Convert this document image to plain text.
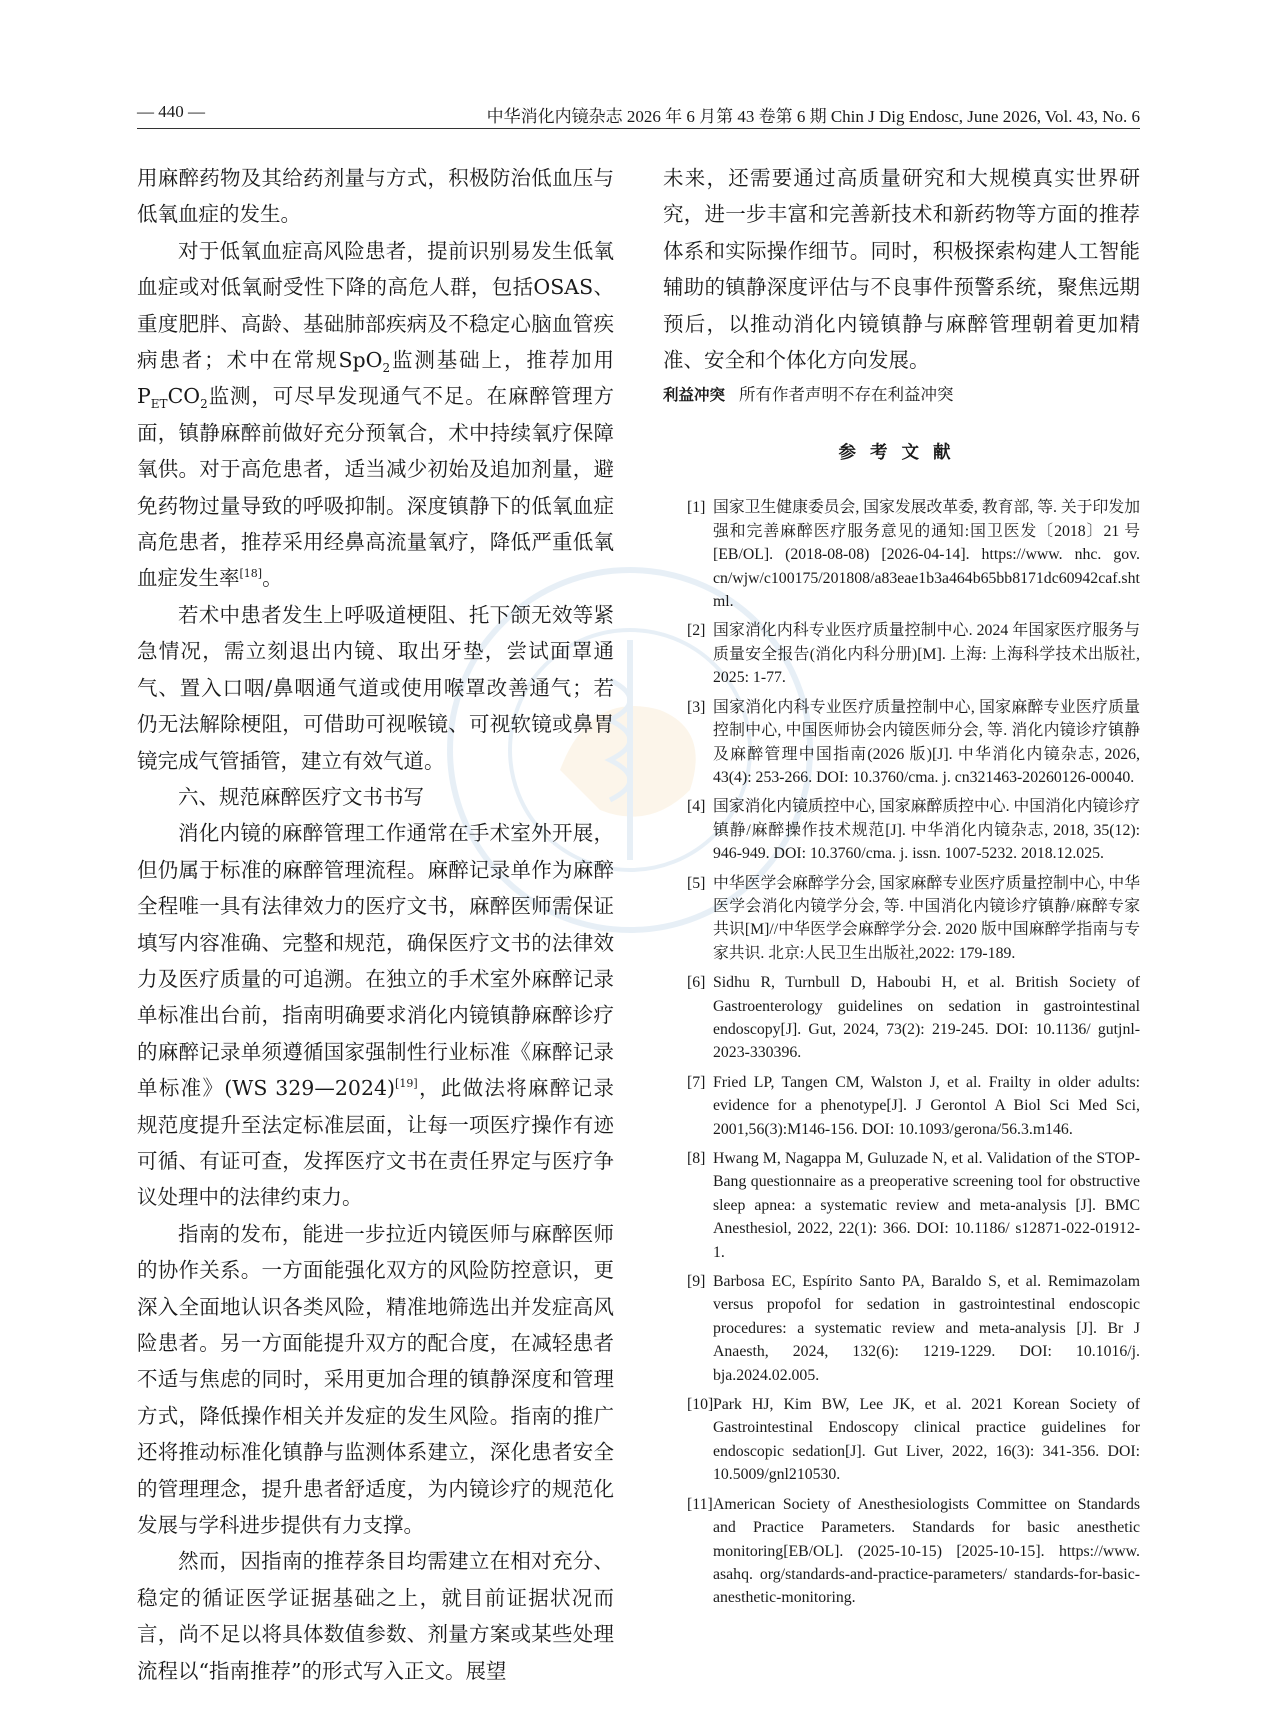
— 440 —	中华消化内镜杂志 2026 年 6 月第 43 卷第 6 期 Chin J Dig Endosc, June 2026, Vol. 43, No. 6

用麻醉药物及其给药剂量与方式，积极防治低血压与低氧血症的发生。

对于低氧血症高风险患者，提前识别易发生低氧血症或对低氧耐受性下降的高危人群，包括OSAS、重度肥胖、高龄、基础肺部疾病及不稳定心脑血管疾病患者；术中在常规SpO$_2$监测基础上，推荐加用$P_{ET}CO_2$监测，可尽早发现通气不足。在麻醉管理方面，镇静麻醉前做好充分预氧合，术中持续氧疗保障氧供。对于高危患者，适当减少初始及追加剂量，避免药物过量导致的呼吸抑制。深度镇静下的低氧血症高危患者，推荐采用经鼻高流量氧疗，降低严重低氧血症发生率[18]。

若术中患者发生上呼吸道梗阻、托下颌无效等紧急情况，需立刻退出内镜、取出牙垫，尝试面罩通气、置入口咽/鼻咽通气道或使用喉罩改善通气；若仍无法解除梗阻，可借助可视喉镜、可视软镜或鼻胃镜完成气管插管，建立有效气道。

六、规范麻醉医疗文书书写

消化内镜的麻醉管理工作通常在手术室外开展，但仍属于标准的麻醉管理流程。麻醉记录单作为麻醉全程唯一具有法律效力的医疗文书，麻醉医师需保证填写内容准确、完整和规范，确保医疗文书的法律效力及医疗质量的可追溯。在独立的手术室外麻醉记录单标准出台前，指南明确要求消化内镜镇静麻醉诊疗的麻醉记录单须遵循国家强制性行业标准《麻醉记录单标准》(WS 329—2024)[19]，此做法将麻醉记录规范度提升至法定标准层面，让每一项医疗操作有迹可循、有证可查，发挥医疗文书在责任界定与医疗争议处理中的法律约束力。

指南的发布，能进一步拉近内镜医师与麻醉医师的协作关系。一方面能强化双方的风险防控意识，更深入全面地认识各类风险，精准地筛选出并发症高风险患者。另一方面能提升双方的配合度，在减轻患者不适与焦虑的同时，采用更加合理的镇静深度和管理方式，降低操作相关并发症的发生风险。指南的推广还将推动标准化镇静与监测体系建立，深化患者安全的管理理念，提升患者舒适度，为内镜诊疗的规范化发展与学科进步提供有力支撑。

然而，因指南的推荐条目均需建立在相对充分、稳定的循证医学证据基础之上，就目前证据状况而言，尚不足以将具体数值参数、剂量方案或某些处理流程以“指南推荐”的形式写入正文。展望

未来，还需要通过高质量研究和大规模真实世界研究，进一步丰富和完善新技术和新药物等方面的推荐体系和实际操作细节。同时，积极探索构建人工智能辅助的镇静深度评估与不良事件预警系统，聚焦远期预后，以推动消化内镜镇静与麻醉管理朝着更加精准、安全和个体化方向发展。

利益冲突 所有作者声明不存在利益冲突
参考文献
[1] 国家卫生健康委员会, 国家发展改革委, 教育部, 等. 关于印发加强和完善麻醉医疗服务意见的通知:国卫医发〔2018〕21 号 [EB/OL]. (2018-08-08) [2026-04-14]. https://www. nhc. gov. cn/wjw/c100175/201808/a83eae1b3a464b65bb8171dc60942caf.shtml.
[2] 国家消化内科专业医疗质量控制中心. 2024 年国家医疗服务与质量安全报告(消化内科分册)[M]. 上海: 上海科学技术出版社, 2025: 1-77.
[3] 国家消化内科专业医疗质量控制中心, 国家麻醉专业医疗质量控制中心, 中国医师协会内镜医师分会, 等. 消化内镜诊疗镇静及麻醉管理中国指南(2026 版)[J]. 中华消化内镜杂志, 2026, 43(4): 253-266. DOI: 10.3760/cma. j. cn321463-20260126-00040.
[4] 国家消化内镜质控中心, 国家麻醉质控中心. 中国消化内镜诊疗镇静/麻醉操作技术规范[J]. 中华消化内镜杂志, 2018, 35(12): 946-949. DOI: 10.3760/cma. j. issn. 1007-5232. 2018.12.025.
[5] 中华医学会麻醉学分会, 国家麻醉专业医疗质量控制中心, 中华医学会消化内镜学分会, 等. 中国消化内镜诊疗镇静/麻醉专家共识[M]//中华医学会麻醉学分会. 2020 版中国麻醉学指南与专家共识. 北京:人民卫生出版社,2022: 179-189.
[6] Sidhu R, Turnbull D, Haboubi H, et al. British Society of Gastroenterology guidelines on sedation in gastrointestinal endoscopy[J]. Gut, 2024, 73(2): 219-245. DOI: 10.1136/ gutjnl-2023-330396.
[7] Fried LP, Tangen CM, Walston J, et al. Frailty in older adults: evidence for a phenotype[J]. J Gerontol A Biol Sci Med Sci, 2001,56(3):M146-156. DOI: 10.1093/gerona/56.3.m146.
[8] Hwang M, Nagappa M, Guluzade N, et al. Validation of the STOP-Bang questionnaire as a preoperative screening tool for obstructive sleep apnea: a systematic review and meta-analysis [J]. BMC Anesthesiol, 2022, 22(1): 366. DOI: 10.1186/ s12871-022-01912-1.
[9] Barbosa EC, Espírito Santo PA, Baraldo S, et al. Remimazolam versus propofol for sedation in gastrointestinal endoscopic procedures: a systematic review and meta-analysis [J]. Br J Anaesth, 2024, 132(6): 1219-1229. DOI: 10.1016/j. bja.2024.02.005.
[10] Park HJ, Kim BW, Lee JK, et al. 2021 Korean Society of Gastrointestinal Endoscopy clinical practice guidelines for endoscopic sedation[J]. Gut Liver, 2022, 16(3): 341-356. DOI: 10.5009/gnl210530.
[11] American Society of Anesthesiologists Committee on Standards and Practice Parameters. Standards for basic anesthetic monitoring[EB/OL]. (2025-10-15) [2025-10-15]. https://www. asahq. org/standards-and-practice-parameters/ standards-for-basic-anesthetic-monitoring.
